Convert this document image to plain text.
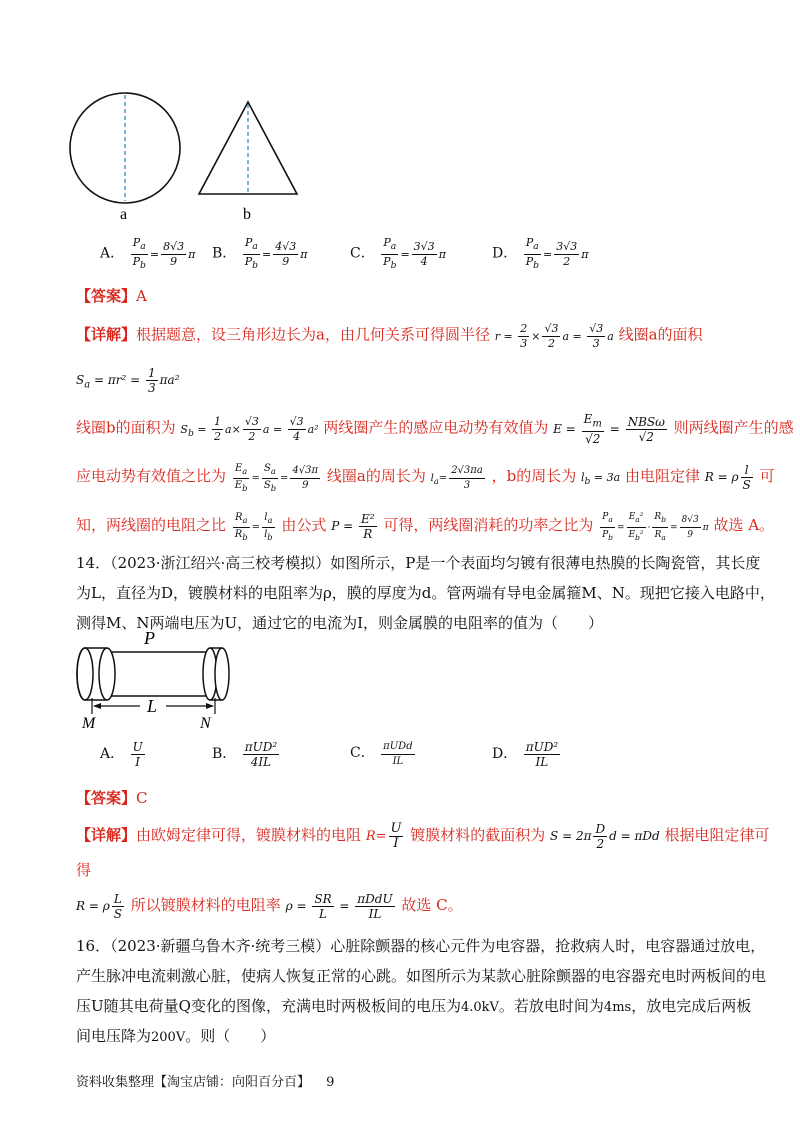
a	b
A． $\frac{P_a}{P_b} = \frac{8√3}{9}$ π B． $\frac{P_a}{P_b} = \frac{4√3}{9}$ π	C． $\frac{P_a}{P_b} = \frac{3√3}{4}$ π	D． $\frac{P_a}{P_b} = \frac{3√3}{2}$ π
【答案】A
【详解】根据题意，设三角形边长为a，由几何关系可得圆半径 $r = \frac{2}{3} \times \frac{√3}{2}$ $a = \frac{√3}{3}$ a 线圈a的面积
$S_a = \pi r^2 = \frac{1}{3} \pi a^2$
线圈b的面积为 $S_b = \frac{1}{2} a\times \frac{√3}{2}$ $a = \frac{√3}{4} a^2$ 两线圈产生的感应电动势有效值为 $E = \frac{E_m}{√2} = \frac{\text{NBSω}}{√2}$ 则两线圈产生的感
应电动势有效值之比为 $\frac{E_a}{E_b} = \frac{S_a}{S_b} = \frac{4√3\pi}{9}$ 线圈a的周长为 $l_a= \frac{2√3\pi a}{3}$ ，b的周长为 $l_b = 3a$ 由电阻定律 R = ρ $\frac{l}{S}$ 可
知，两线圈的电阻之比 $\frac{R_a}{R_b} = \frac{l_a}{l_b}$ 由公式 $P = \frac{\text{E²}}{R}$ 可得，两线圈消耗的功率之比为 $\frac{P_a}{P_b} = \frac{E_a^2}{E_b^2} \cdot \frac{R_b}{R_a} = \frac{8√3}{9}$ π 故选 A。
14．（2023·浙江绍兴·高三校考模拟）如图所示，P是一个表面均匀镀有很薄电热膜的长陶瓷管，其长度
为L，直径为D，镀膜材料的电阻率为ρ，膜的厚度为d。管两端有导电金属箍M、N。现把它接入电路中，
测得M、N两端电压为U，通过它的电流为I，则金属膜的电阻率的值为（　　）
P
L
M	N
A． $\frac{U}{I}$	B． $\frac{\text{πUD²}}{4IL}$	C． $\frac{\text{πUDd}}{IL}$	D． $\frac{\text{πUD²}}{IL}$
【答案】C
【详解】由欧姆定律可得，镀膜材料的电阻 $R= \frac{U}{I}$ 镀膜材料的截面积为 $S = 2\pi \frac{D}{2}$ d = πDd 根据电阻定律可
得
R = ρ $\frac{L}{S}$ 所以镀膜材料的电阻率 $\rho = \frac{SR}{L} = \frac{\text{πDdU}}{IL}$ 故选 C。
16．（2023·新疆乌鲁木齐·统考三模）心脏除颤器的核心元件为电容器，抢救病人时，电容器通过放电，
产生脉冲电流刺激心脏，使病人恢复正常的心跳。如图所示为某款心脏除颤器的电容器充电时两板间的电
压U随其电荷量Q变化的图像，充满电时两极板间的电压为4.0kV。若放电时间为4ms，放电完成后两板
间电压降为200V。则（　　）
资料收集整理【淘宝店铺：向阳百分百】 9
